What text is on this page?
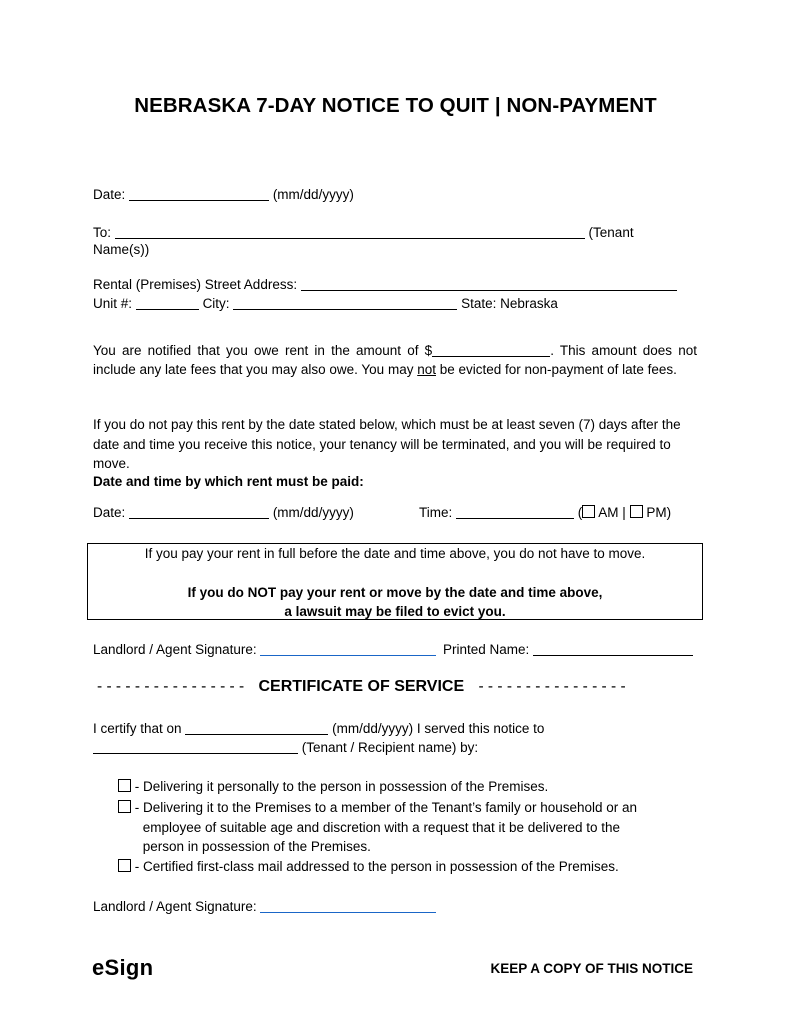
NEBRASKA 7-DAY NOTICE TO QUIT | NON-PAYMENT
Date:	(mm/dd/yyyy)
To:	(Tenant
Name(s))
Rental (Premises) Street Address:
Unit #:	City:	State: Nebraska
You are notified that you owe rent in the amount of $	. This amount does not include any late fees that you may also owe. You may not be evicted for non-payment of late fees.
If you do not pay this rent by the date stated below, which must be at least seven (7) days after the date and time you receive this notice, your tenancy will be terminated, and you will be required to move.
Date and time by which rent must be paid:
Date:	(mm/dd/yyyy)	Time:	( AM | PM)
If you pay your rent in full before the date and time above, you do not have to move.
If you do NOT pay your rent or move by the date and time above,
a lawsuit may be filed to evict you.
Landlord / Agent Signature:	Printed Name:
- - - - - - - - - - - - - - - - CERTIFICATE OF SERVICE - - - - - - - - - - - - - - - -
I certify that on	(mm/dd/yyyy) I served this notice to
(Tenant / Recipient name) by:
- Delivering it personally to the person in possession of the Premises.
- Delivering it to the Premises to a member of the Tenant’s family or household or an
employee of suitable age and discretion with a request that it be delivered to the
person in possession of the Premises.
- Certified first-class mail addressed to the person in possession of the Premises.
Landlord / Agent Signature:
eSign	KEEP A COPY OF THIS NOTICE
